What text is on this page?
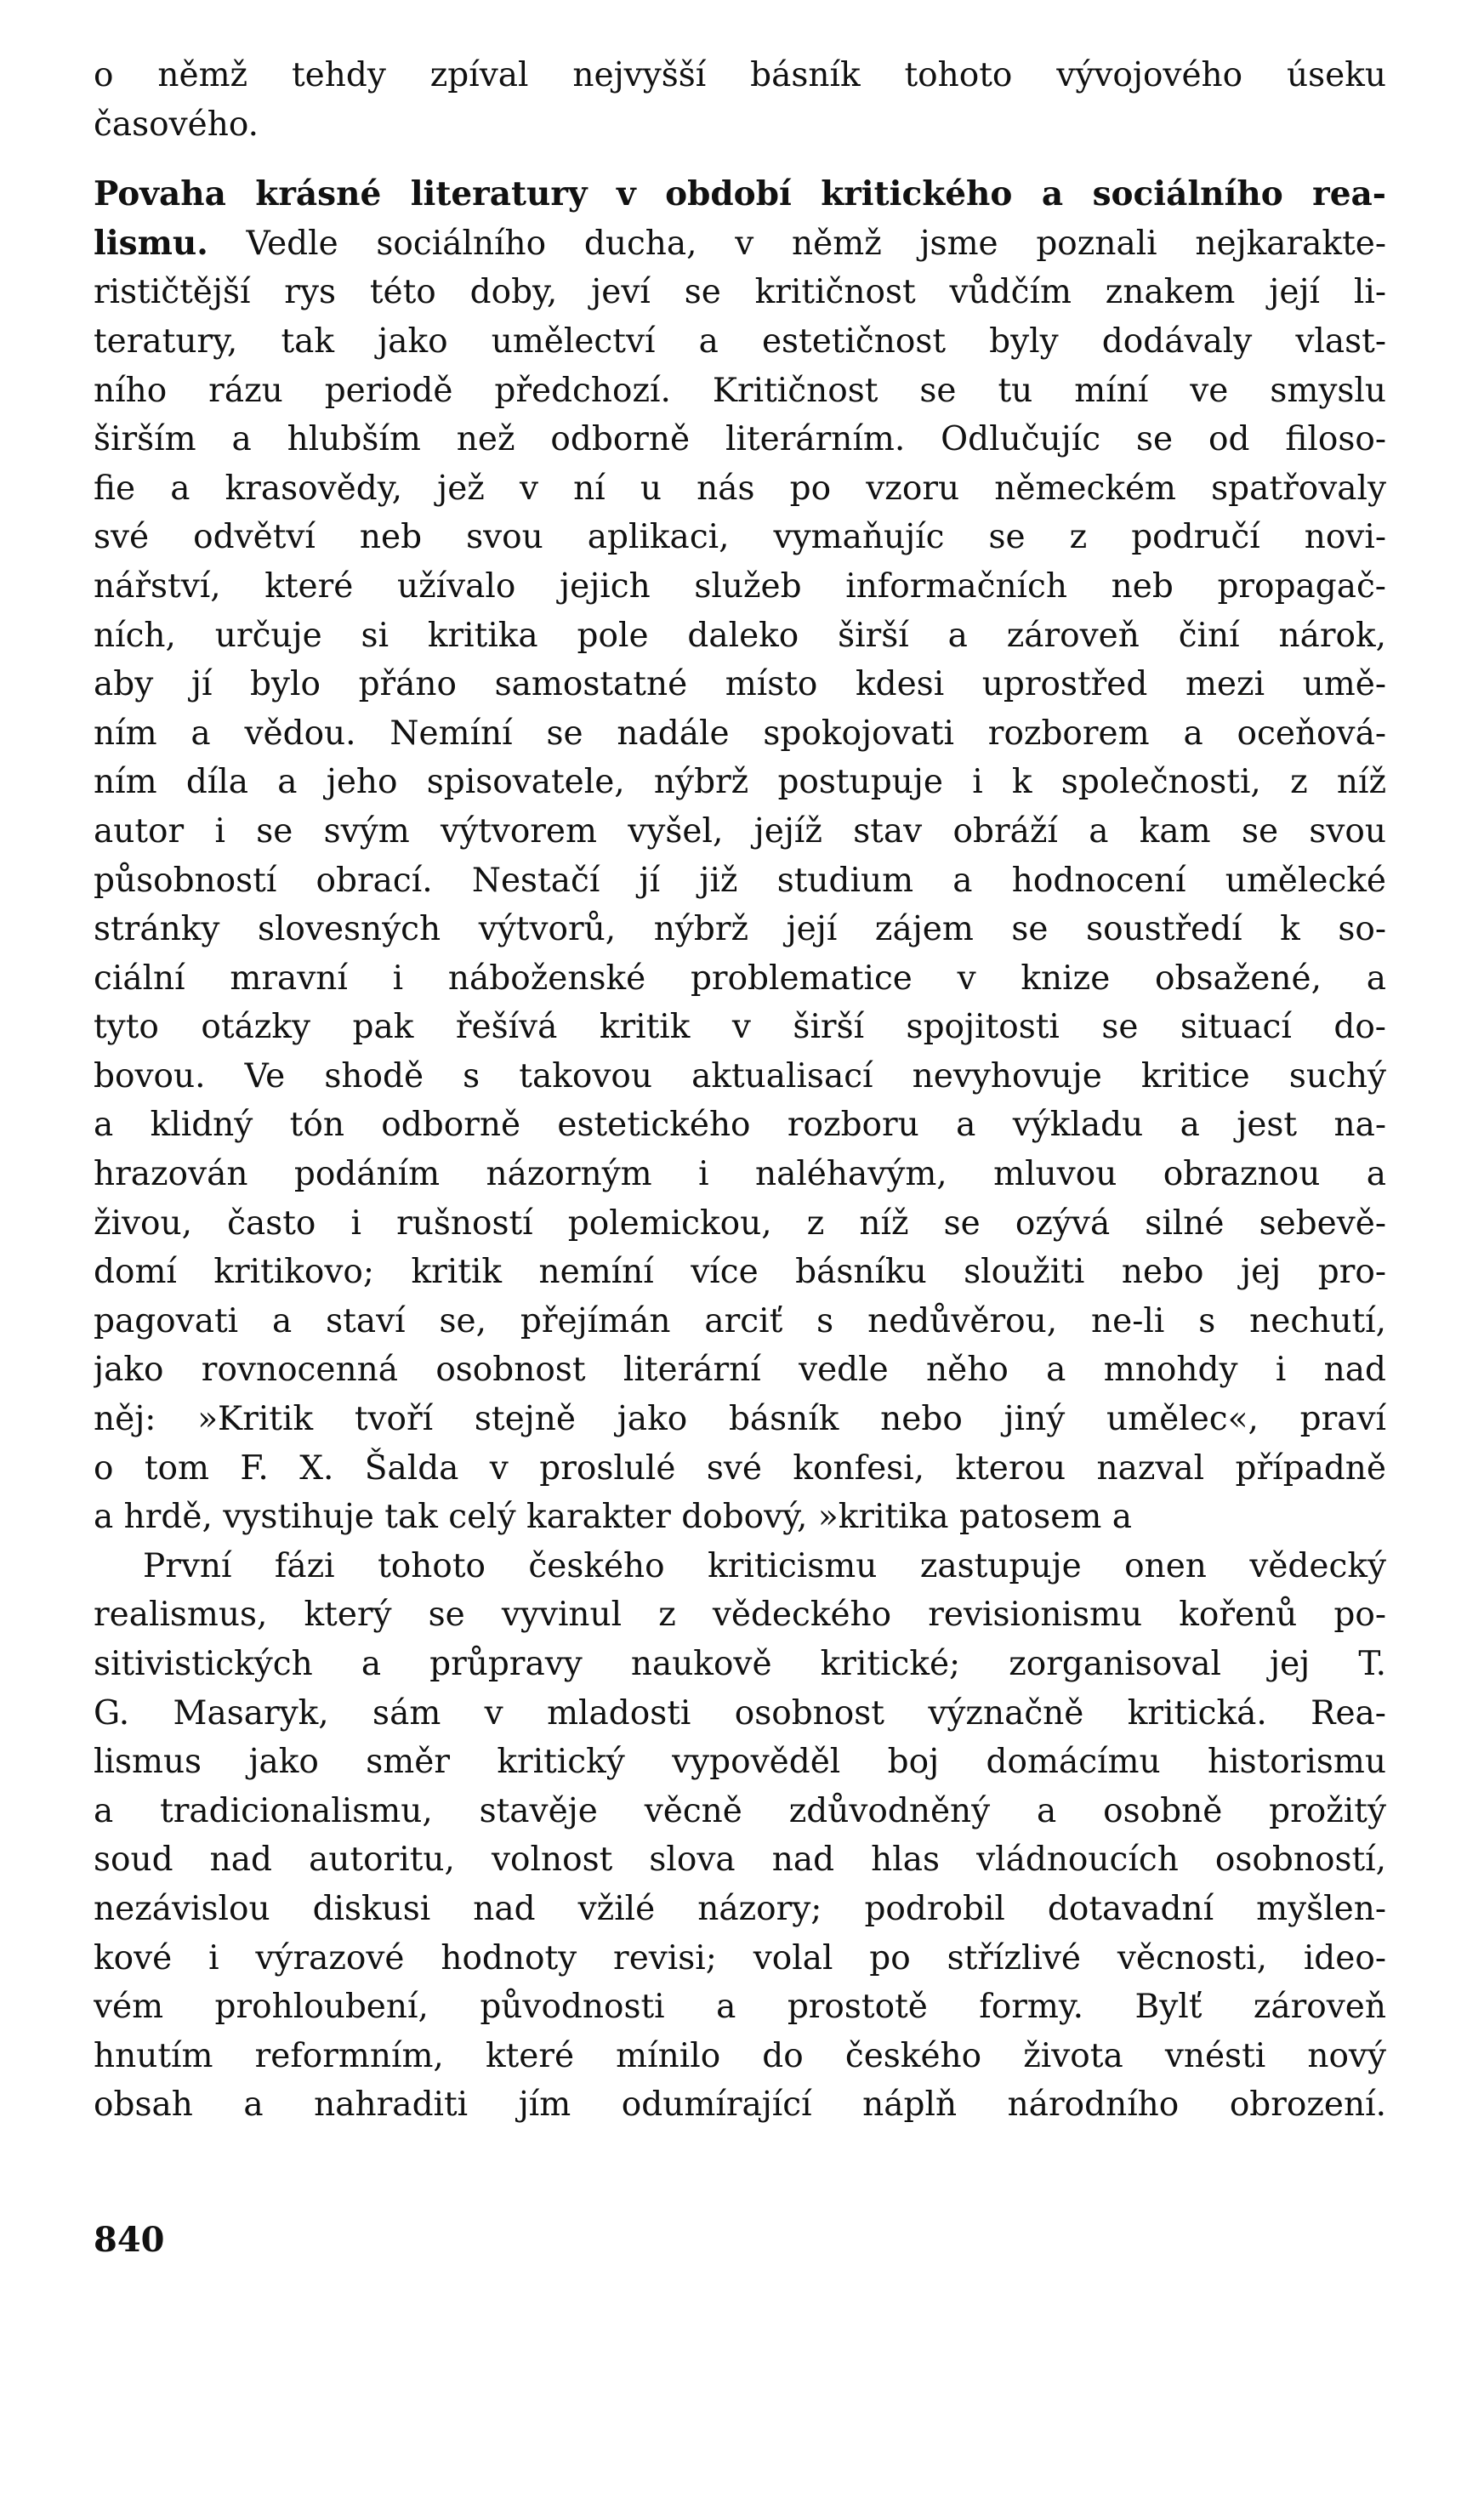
o němž tehdy zpíval nejvyšší básník tohoto vývojového úseku
časového.
Povaha krásné literatury v období kritického a sociálního rea-
lismu. Vedle sociálního ducha, v němž jsme poznali nejkarakte-
rističtější rys této doby, jeví se kritičnost vůdčím znakem její li-
teratury, tak jako umělectví a estetičnost byly dodávaly vlast-
ního rázu periodě předchozí. Kritičnost se tu míní ve smyslu
širším a hlubším než odborně literárním. Odlučujíc se od filoso-
fie a krasovědy, jež v ní u nás po vzoru německém spatřovaly
své odvětví neb svou aplikaci, vymaňujíc se z područí novi-
nářství, které užívalo jejich služeb informačních neb propagač-
ních, určuje si kritika pole daleko širší a zároveň činí nárok,
aby jí bylo přáno samostatné místo kdesi uprostřed mezi umě-
ním a vědou. Nemíní se nadále spokojovati rozborem a oceňová-
ním díla a jeho spisovatele, nýbrž postupuje i k společnosti, z níž
autor i se svým výtvorem vyšel, jejíž stav obráží a kam se svou
působností obrací. Nestačí jí již studium a hodnocení umělecké
stránky slovesných výtvorů, nýbrž její zájem se soustředí k so-
ciální mravní i náboženské problematice v knize obsažené, a
tyto otázky pak řešívá kritik v širší spojitosti se situací do-
bovou. Ve shodě s takovou aktualisací nevyhovuje kritice suchý
a klidný tón odborně estetického rozboru a výkladu a jest na-
hrazován podáním názorným i naléhavým, mluvou obraznou a
živou, často i rušností polemickou, z níž se ozývá silné sebevě-
domí kritikovo; kritik nemíní více básníku sloužiti nebo jej pro-
pagovati a staví se, přejímán arciť s nedůvěrou, ne-li s nechutí,
jako rovnocenná osobnost literární vedle něho a mnohdy i nad
něj: »Kritik tvoří stejně jako básník nebo jiný umělec«, praví
o tom F. X. Šalda v proslulé své konfesi, kterou nazval případně
a hrdě, vystihuje tak celý karakter dobový, »kritika patosem a
První fázi tohoto českého kriticismu zastupuje onen vědecký
realismus, který se vyvinul z vědeckého revisionismu kořenů po-
sitivistických a průpravy naukově kritické; zorganisoval jej T.
G. Masaryk, sám v mladosti osobnost význačně kritická. Rea-
lismus jako směr kritický vypověděl boj domácímu historismu
a tradicionalismu, stavěje věcně zdůvodněný a osobně prožitý
soud nad autoritu, volnost slova nad hlas vládnoucích osobností,
nezávislou diskusi nad vžilé názory; podrobil dotavadní myšlen-
kové i výrazové hodnoty revisi; volal po střízlivé věcnosti, ideo-
vém prohloubení, původnosti a prostotě formy. Bylť zároveň
hnutím reformním, které mínilo do českého života vnésti nový
obsah a nahraditi jím odumírající náplň národního obrození.
840
